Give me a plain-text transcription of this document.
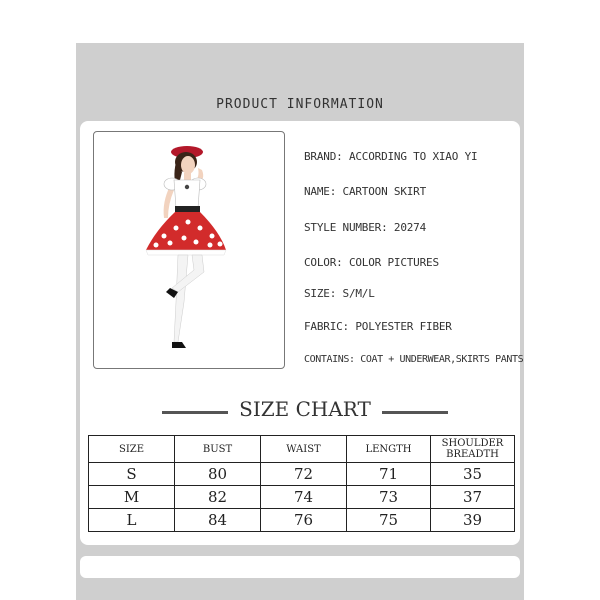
PRODUCT INFORMATION
BRAND: ACCORDING TO XIAO YI
NAME: CARTOON SKIRT
STYLE NUMBER: 20274
COLOR: COLOR PICTURES
SIZE: S/M/L
FABRIC: POLYESTER FIBER
CONTAINS: COAT + UNDERWEAR,SKIRTS PANTS
SIZE CHART
SIZE	BUST	WAIST	LENGTH	SHOULDER
BREADTH

S	80	72	71	35
M	82	74	73	37
L	84	76	75	39
